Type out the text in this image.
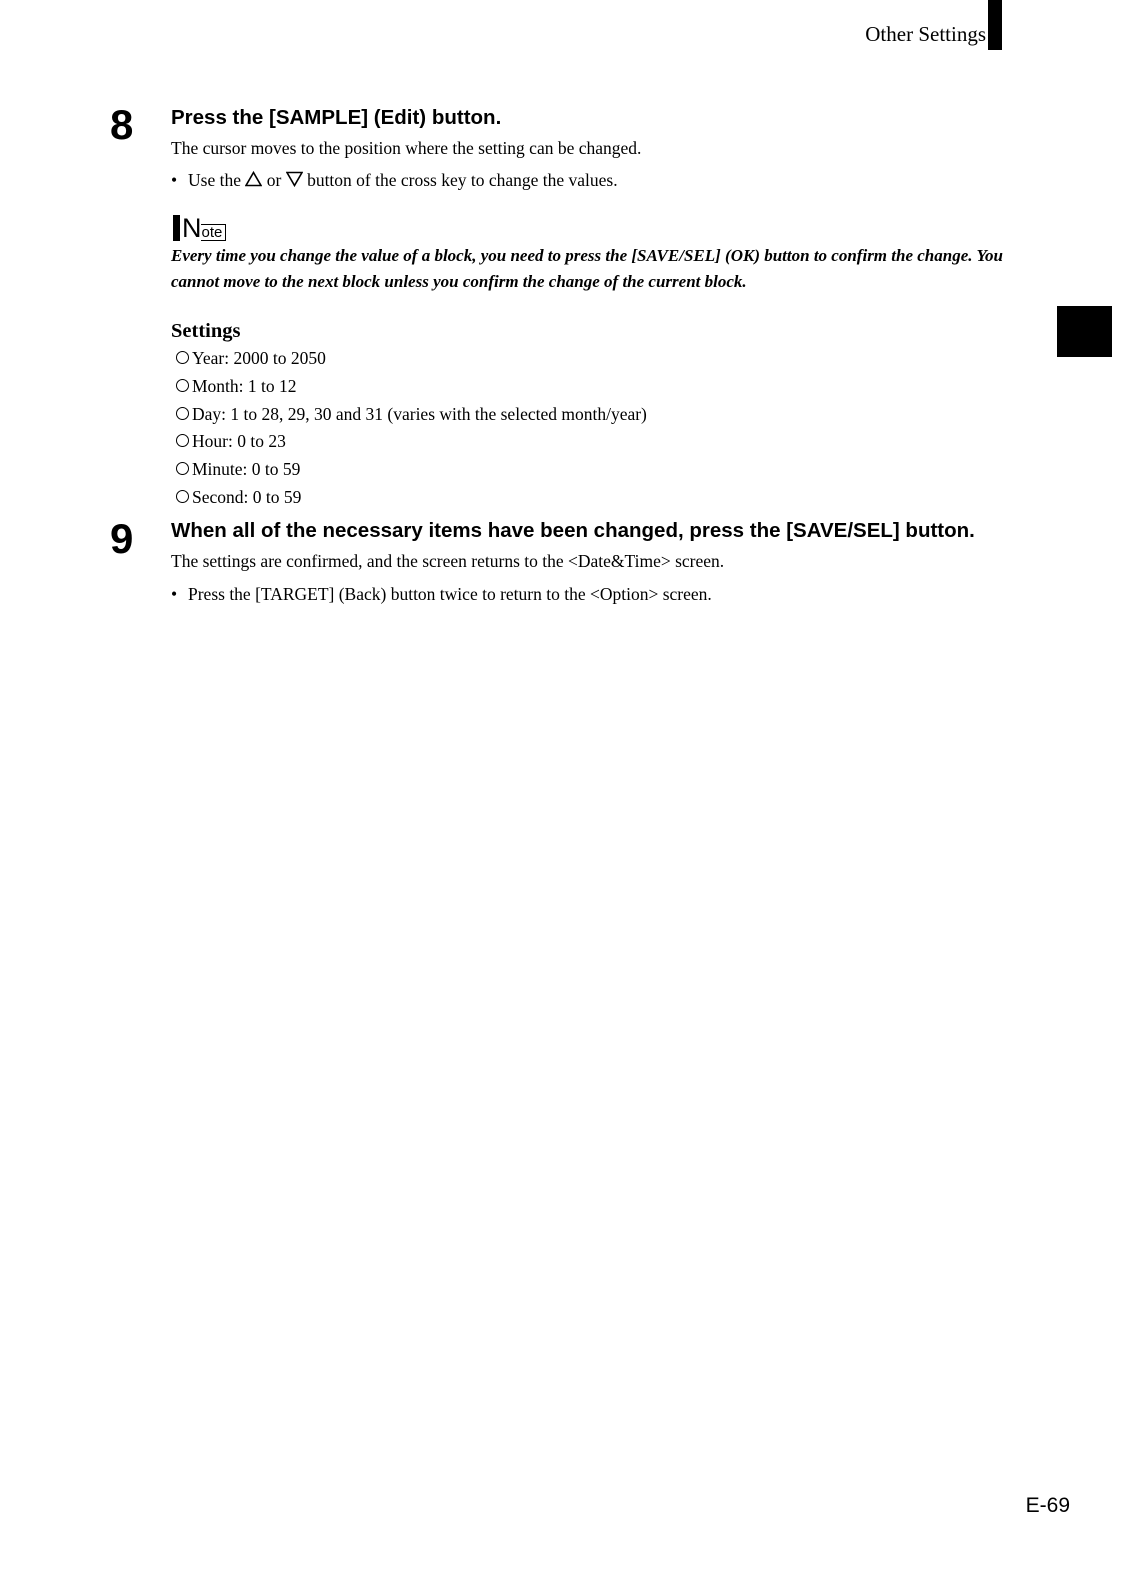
Other Settings
8 Press the [SAMPLE] (Edit) button.
The cursor moves to the position where the setting can be changed.
• Use the or button of the cross key to change the values.
N ote
Every time you change the value of a block, you need to press the [SAVE/SEL] (OK) button to confirm the change. You cannot move to the next block unless you confirm the change of the current block.
Settings
Year: 2000 to 2050
Month: 1 to 12
Day: 1 to 28, 29, 30 and 31 (varies with the selected month/year)
Hour: 0 to 23
Minute: 0 to 59
Second: 0 to 59
9 When all of the necessary items have been changed, press the [SAVE/SEL] button.
The settings are confirmed, and the screen returns to the <Date&Time> screen.
• Press the [TARGET] (Back) button twice to return to the <Option> screen.
E-69
